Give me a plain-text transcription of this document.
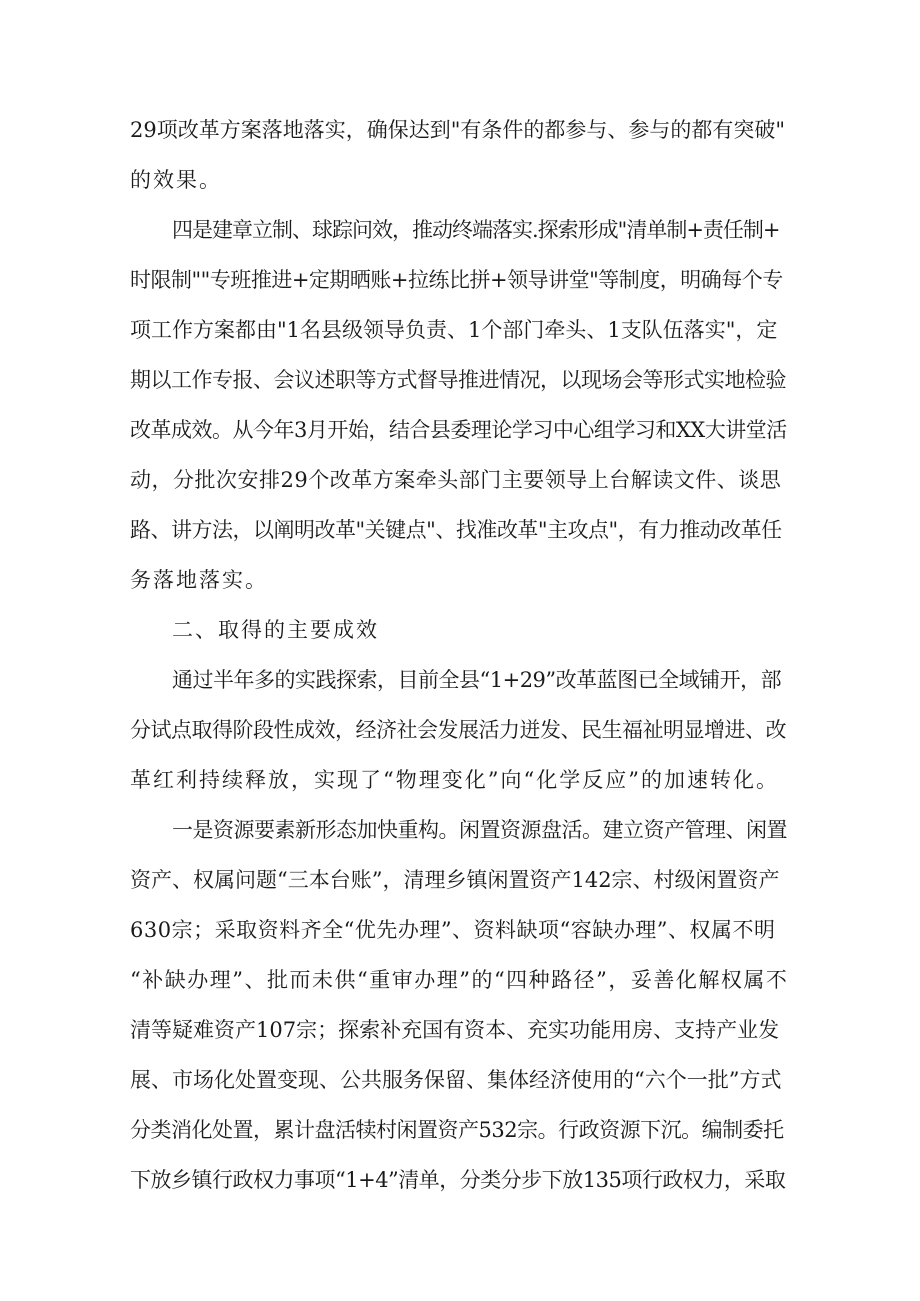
29项改革方案落地落实，确保达到"有条件的都参与、参与的都有突破"
的效果。
四是建章立制、球踪问效，推动终端落实.探索形成"清单制+责任制+
时限制""专班推进+定期晒账+拉练比拼+领导讲堂"等制度，明确每个专
项工作方案都由"1名县级领导负责、1个部门牵头、1支队伍落实"，定
期以工作专报、会议述职等方式督导推进情况，以现场会等形式实地检验
改革成效。从今年3月开始，结合县委理论学习中心组学习和XX大讲堂活
动，分批次安排29个改革方案牵头部门主要领导上台解读文件、谈思
路、讲方法，以阐明改革"关键点"、找准改革"主攻点"，有力推动改革任
务落地落实。
二、取得的主要成效
通过半年多的实践探索，目前全县“1+29”改革蓝图已全域铺开，部
分试点取得阶段性成效，经济社会发展活力迸发、民生福祉明显增进、改
革红利持续释放，实现了“物理变化”向“化学反应”的加速转化。
一是资源要素新形态加快重构。闲置资源盘活。建立资产管理、闲置
资产、权属问题“三本台账”，清理乡镇闲置资产142宗、村级闲置资产
630宗；采取资料齐全“优先办理”、资料缺项“容缺办理”、权属不明
“补缺办理”、批而未供“重审办理”的“四种路径”，妥善化解权属不
清等疑难资产107宗；探索补充国有资本、充实功能用房、支持产业发
展、市场化处置变现、公共服务保留、集体经济使用的“六个一批”方式
分类消化处置，累计盘活犊村闲置资产532宗。行政资源下沉。编制委托
下放乡镇行政权力事项“1+4”清单，分类分步下放135项行政权力，采取
